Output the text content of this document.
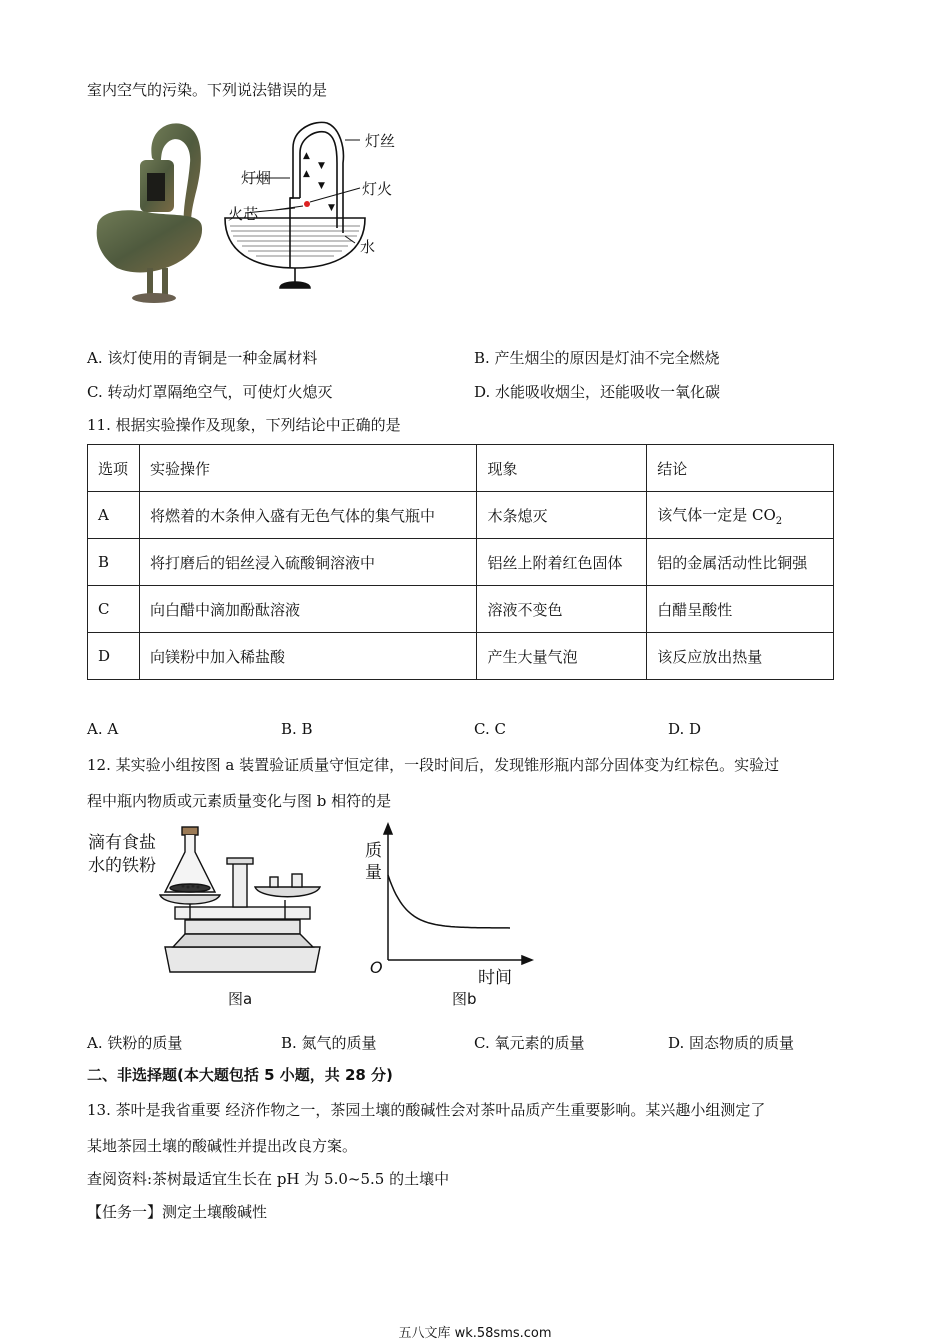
室内空气的污染。下列说法错误的是
▼
▼
▲
▼
▲
灯丝
灯烟
灯火
火芯
水
A. 该灯使用的青铜是一种金属材料	B. 产生烟尘的原因是灯油不完全燃烧
C. 转动灯罩隔绝空气，可使灯火熄灭	D. 水能吸收烟尘，还能吸收一氧化碳
11. 根据实验操作及现象，下列结论中正确的是
选项	实验操作	现象	结论
A	将燃着的木条伸入盛有无色气体的集气瓶中	木条熄灭	该气体一定是 $CO_2$
B	将打磨后的铝丝浸入硫酸铜溶液中	铝丝上附着红色固体	铝的金属活动性比铜强
C	向白醋中滴加酚酞溶液	溶液不变色	白醋呈酸性
D	向镁粉中加入稀盐酸	产生大量气泡	该反应放出热量
A. A	B. B	C. C	D. D
12. 某实验小组按图 a 装置验证质量守恒定律，一段时间后，发现锥形瓶内部分固体变为红棕色。实验过
程中瓶内物质或元素质量变化与图 b 相符的是
滴有食盐
水的铁粉
图a
质
量
O
时间
图b
A. 铁粉的质量	B. 氮气的质量	C. 氧元素的质量	D. 固态物质的质量
二、非选择题(本大题包括 5 小题，共 28 分)
13. 茶叶是我省重要 经济作物之一，茶园土壤的酸碱性会对茶叶品质产生重要影响。某兴趣小组测定了
某地茶园土壤的酸碱性并提出改良方案。
查阅资料:茶树最适宜生长在 pH 为 5.0~5.5 的土壤中
【任务一】测定土壤酸碱性
五八文库 wk.58sms.com
